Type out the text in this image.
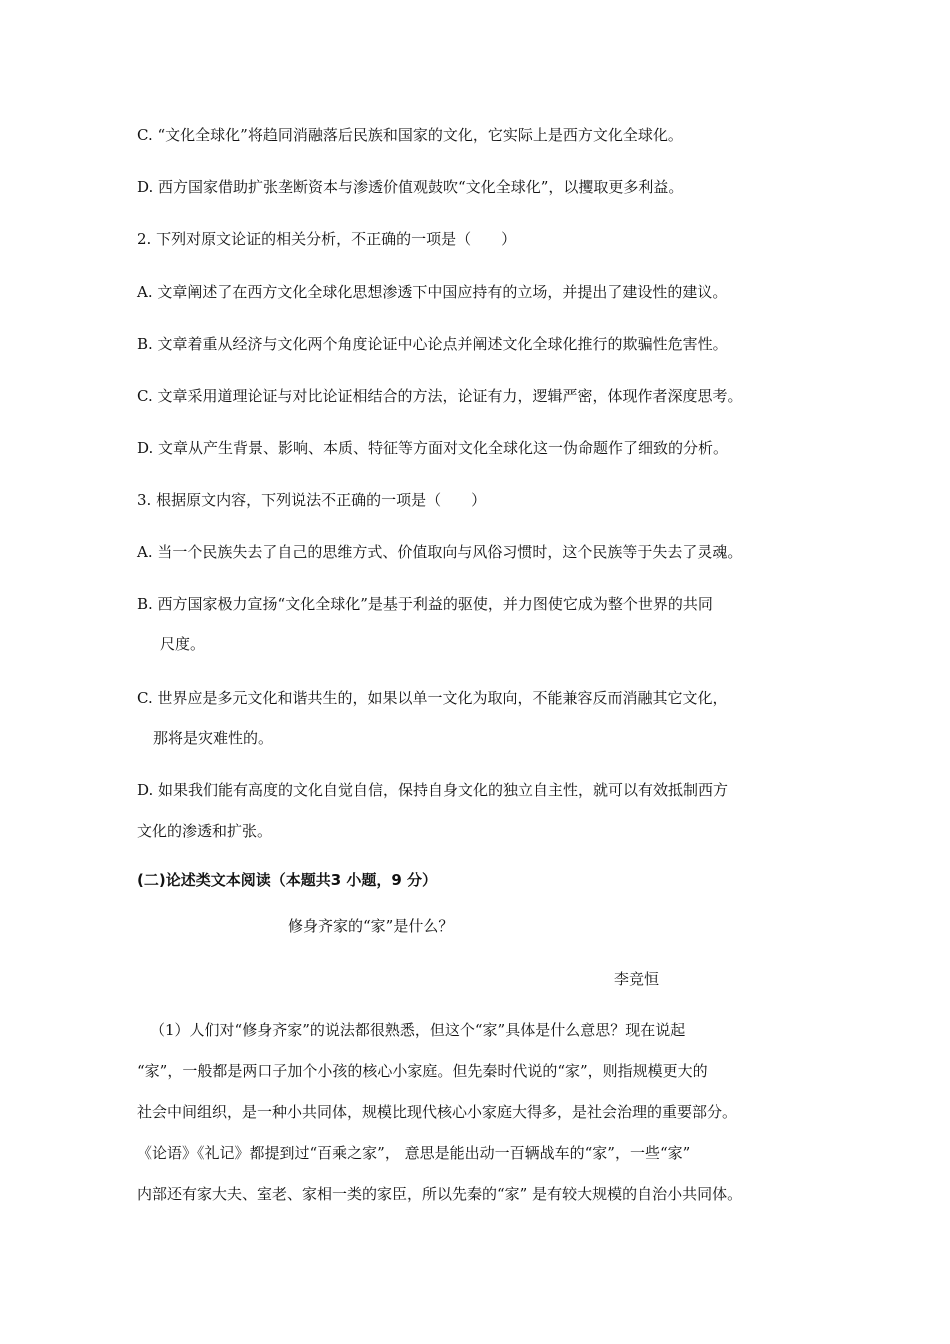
C. “文化全球化”将趋同消融落后民族和国家的文化，它实际上是西方文化全球化。
D. 西方国家借助扩张垄断资本与渗透价值观鼓吹“文化全球化”，以攫取更多利益。
2. 下列对原文论证的相关分析，不正确的一项是（　　）
A. 文章阐述了在西方文化全球化思想渗透下中国应持有的立场，并提出了建设性的建议。
B. 文章着重从经济与文化两个角度论证中心论点并阐述文化全球化推行的欺骗性危害性。
C. 文章采用道理论证与对比论证相结合的方法，论证有力，逻辑严密，体现作者深度思考。
D. 文章从产生背景、影响、本质、特征等方面对文化全球化这一伪命题作了细致的分析。
3. 根据原文内容，下列说法不正确的一项是（　　）
A. 当一个民族失去了自己的思维方式、价值取向与风俗习惯时，这个民族等于失去了灵魂。
B. 西方国家极力宣扬“文化全球化”是基于利益的驱使，并力图使它成为整个世界的共同
尺度。
C. 世界应是多元文化和谐共生的，如果以单一文化为取向，不能兼容反而消融其它文化，
那将是灾难性的。
D. 如果我们能有高度的文化自觉自信，保持自身文化的独立自主性，就可以有效抵制西方
文化的渗透和扩张。
(二)论述类文本阅读（本题共3 小题，9 分）
修身齐家的“家”是什么？
李竞恒
（1）人们对“修身齐家”的说法都很熟悉，但这个“家”具体是什么意思？现在说起
“家”，一般都是两口子加个小孩的核心小家庭。但先秦时代说的“家”，则指规模更大的
社会中间组织，是一种小共同体，规模比现代核心小家庭大得多，是社会治理的重要部分。
《论语》《礼记》都提到过“百乘之家”， 意思是能出动一百辆战车的“家”，一些“家”
内部还有家大夫、室老、家相一类的家臣，所以先秦的“家” 是有较大规模的自治小共同体。
